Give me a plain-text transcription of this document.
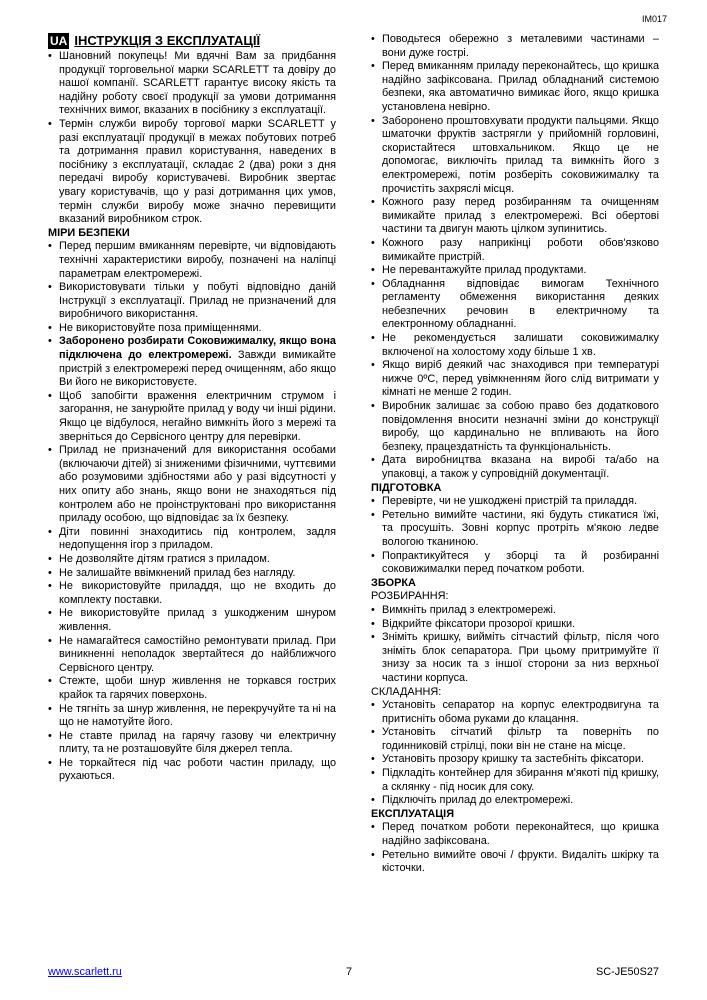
IM017
UA ІНСТРУКЦІЯ З ЕКСПЛУАТАЦІЇ
• Шановний покупець! Ми вдячні Вам за придбання продукції торговельної марки SCARLETT та довіру до нашої компанії. SCARLETT гарантує високу якість та надійну роботу своєї продукції за умови дотримання технічних вимог, вказаних в посібнику з експлуатації.
• Термін служби виробу торгової марки SCARLETT у разі експлуатації продукції в межах побутових потреб та дотримання правил користування, наведених в посібнику з експлуатації, складає 2 (два) роки з дня передачі виробу користувачеві. Виробник звертає увагу користувачів, що у разі дотримання цих умов, термін служби виробу може значно перевищити вказаний виробником строк.
МІРИ БЕЗПЕКИ
• Перед першим вмиканням перевірте, чи відповідають технічні характеристики виробу, позначені на наліпці параметрам електромережі.
• Використовувати тільки у побуті відповідно даній Інструкції з експлуатації. Прилад не призначений для виробничого використання.
• Не використовуйте поза приміщеннями.
• Заборонено розбирати Соковижималку, якщо вона підключена до електромережі. Завжди вимикайте пристрій з електромережі перед очищенням, або якщо Ви його не використовуєте.
• Щоб запобігти враження електричним струмом і загорання, не занурюйте прилад у воду чи інші рідини. Якщо це відбулося, негайно вимкніть його з мережі та зверніться до Сервісного центру для перевірки.
• Прилад не призначений для використання особами (включаючи дітей) зі зниженими фізичними, чуттєвими або розумовими здібностями або у разі відсутності у них опиту або знань, якщо вони не знаходяться під контролем або не проінструктовані про використання приладу особою, що відповідає за їх безпеку.
• Діти повинні знаходитись під контролем, задля недопущення ігор з приладом.
• Не дозволяйте дітям гратися з приладом.
• Не залишайте ввімкнений прилад без нагляду.
• Не використовуйте приладдя, що не входить до комплекту поставки.
• Не використовуйте прилад з ушкодженим шнуром живлення.
• Не намагайтеся самостійно ремонтувати прилад. При виникненні неполадок звертайтеся до найближчого Сервісного центру.
• Стежте, щоби шнур живлення не торкався гострих крайок та гарячих поверхонь.
• Не тягніть за шнур живлення, не перекручуйте та ні на що не намотуйте його.
• Не ставте прилад на гарячу газову чи електричну плиту, та не розташовуйте біля джерел тепла.
• Не торкайтеся під час роботи частин приладу, що рухаються.
• Поводьтеся обережно з металевими частинами – вони дуже гострі.
• Перед вмиканням приладу переконайтесь, що кришка надійно зафіксована. Прилад обладнаний системою безпеки, яка автоматично вимикає його, якщо кришка установлена невірно.
• Заборонено проштовхувати продукти пальцями. Якщо шматочки фруктів застрягли у прийомній горловині, скористайтеся штовхальником. Якщо це не допомогає, виключіть прилад та вимкніть його з електромережі, потім розберіть соковижималку та прочистіть захряслі місця.
• Кожного разу перед розбиранням та очищенням вимикайте прилад з електромережі. Всі обертові частини та двигун мають цілком зупинитись.
• Кожного разу наприкінці роботи обов'язково вимикайте пристрій.
• Не перевантажуйте прилад продуктами.
• Обладнання відповідає вимогам Технічного регламенту обмеження використання деяких небезпечних речовин в електричному та електронному обладнанні.
• Не рекомендується залишати соковижималку включеної на холостому ходу більше 1 хв.
• Якщо виріб деякий час знаходився при температурі нижче 0ºC, перед увімкненням його слід витримати у кімнаті не менше 2 годин.
• Виробник залишає за собою право без додаткового повідомлення вносити незначні зміни до конструкції виробу, що кардинально не впливають на його безпеку, працездатність та функціональність.
• Дата виробництва вказана на виробі та/або на упаковці, а також у супровідній документації.
ПІДГОТОВКА
• Перевірте, чи не ушкоджені пристрій та приладдя.
• Ретельно вимийте частини, які будуть стикатися їжі, та просушіть. Зовні корпус протріть м'якою ледве вологою тканиною.
• Попрактикуйтеся у зборці та й розбиранні соковижималки перед початком роботи.
ЗБОРКА
РОЗБИРАННЯ:
• Вимкніть прилад з електромережі.
• Відкрийте фіксатори прозорої кришки.
• Зніміть кришку, вийміть сітчастий фільтр, після чого зніміть блок сепаратора. При цьому притримуйте її знизу за носик та з іншої сторони за низ верхньої частини корпуса.
СКЛАДАННЯ:
• Установіть сепаратор на корпус електродвигуна та притисніть обома руками до клацання.
• Установіть сітчатий фільтр та поверніть по годинниковій стрілці, поки він не стане на місце.
• Установіть прозору кришку та застебніть фіксатори.
• Підкладіть контейнер для збирання м'якоті під кришку, а склянку - під носик для соку.
• Підключіть прилад до електромережі.
ЕКСПЛУАТАЦІЯ
• Перед початком роботи переконайтеся, що кришка надійно зафіксована.
• Ретельно вимийте овочі / фрукти. Видаліть шкірку та кісточки.
www.scarlett.ru	7	SC-JE50S27
